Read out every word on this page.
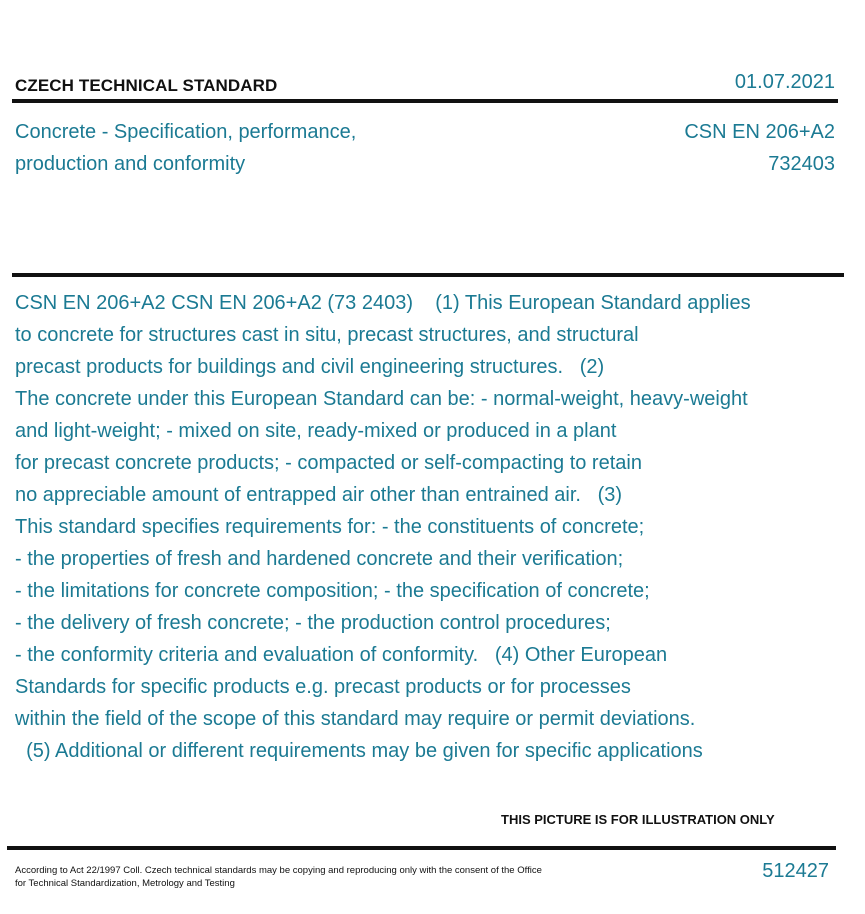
CZECH TECHNICAL STANDARD	01.07.2021
Concrete - Specification, performance,
production and conformity
CSN EN 206+A2
732403
CSN EN 206+A2 CSN EN 206+A2 (73 2403)    (1) This European Standard applies
to concrete for structures cast in situ, precast structures, and structural
precast products for buildings and civil engineering structures.   (2)
The concrete under this European Standard can be: - normal-weight, heavy-weight
and light-weight; - mixed on site, ready-mixed or produced in a plant
for precast concrete products; - compacted or self-compacting to retain
no appreciable amount of entrapped air other than entrained air.   (3)
This standard specifies requirements for: - the constituents of concrete;
- the properties of fresh and hardened concrete and their verification;
- the limitations for concrete composition; - the specification of concrete;
- the delivery of fresh concrete; - the production control procedures;
- the conformity criteria and evaluation of conformity.   (4) Other European
Standards for specific products e.g. precast products or for processes
within the field of the scope of this standard may require or permit deviations.
(5) Additional or different requirements may be given for specific applications
THIS PICTURE IS FOR ILLUSTRATION ONLY
According to Act 22/1997 Coll. Czech technical standards may be copying and reproducing only with the consent of the Office
for Technical Standardization, Metrology and Testing
512427
